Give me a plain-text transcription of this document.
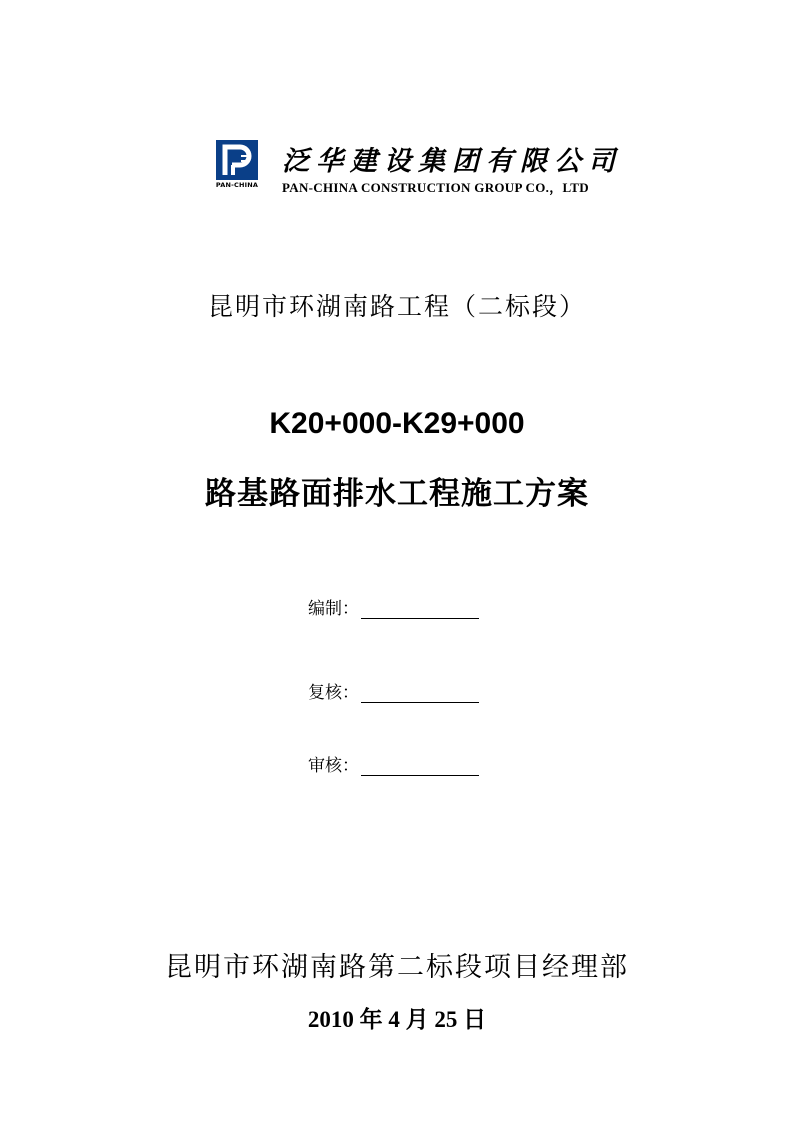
PAN-CHINA
泛华建设集团有限公司
PAN-CHINA CONSTRUCTION GROUP CO.，LTD
昆明市环湖南路工程（二标段）
K20+000-K29+000
路基路面排水工程施工方案
编制：
复核：
审核：
昆明市环湖南路第二标段项目经理部
2010 年 4 月 25 日
